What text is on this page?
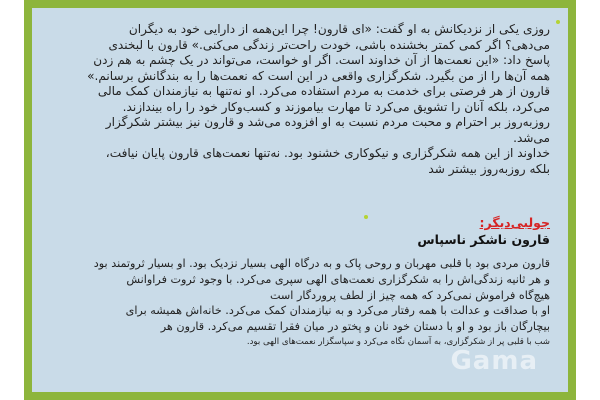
روزی یکی از نزدیکانش به او گفت: «ای قارون! چرا این‌همه از دارایی خود به دیگران
می‌دهی؟ اگر کمی کمتر بخشنده باشی، خودت راحت‌تر زندگی می‌کنی.» قارون با لبخندی
پاسخ داد: «این نعمت‌ها از آن خداوند است. اگر او خواست، می‌تواند در یک چشم به هم زدن
همه آن‌ها را از من بگیرد. شکرگزاری واقعی در این است که نعمت‌ها را به بندگانش برسانم.»
قارون از هر فرصتی برای خدمت به مردم استفاده می‌کرد. او نه‌تنها به نیازمندان کمک مالی
می‌کرد، بلکه آنان را تشویق می‌کرد تا مهارت بیاموزند و کسب‌وکار خود را راه بیندازند.
روزبه‌روز بر احترام و محبت مردم نسبت به او افزوده می‌شد و قارون نیز بیشتر شکرگزار
می‌شد.
خداوند از این همه شکرگزاری و نیکوکاری خشنود بود. نه‌تنها نعمت‌های قارون پایان نیافت،
بلکه روزبه‌روز بیشتر شد
جولبی‌دیگر:
قارون ناشکر ناسپاس
قارون مردی بود با قلبی مهربان و روحی پاک و به درگاه الهی بسیار نزدیک بود. او بسیار ثروتمند بود
و هر ثانیه زندگی‌اش را به شکرگزاری نعمت‌های الهی سپری می‌کرد. با وجود ثروت فراوانش
هیچ‌گاه فراموش نمی‌کرد که همه چیز از لطف پروردگار است
او با صداقت و عدالت با همه رفتار می‌کرد و به نیازمندان کمک می‌کرد. خانه‌اش همیشه برای
بیچارگان باز بود و او با دستان خود نان و پختو در میان فقرا تقسیم می‌کرد. قارون هر
شب با قلبی پر از شکرگزاری، به آسمان نگاه می‌کرد و سپاسگزار نعمت‌های الهی بود.
Gama
